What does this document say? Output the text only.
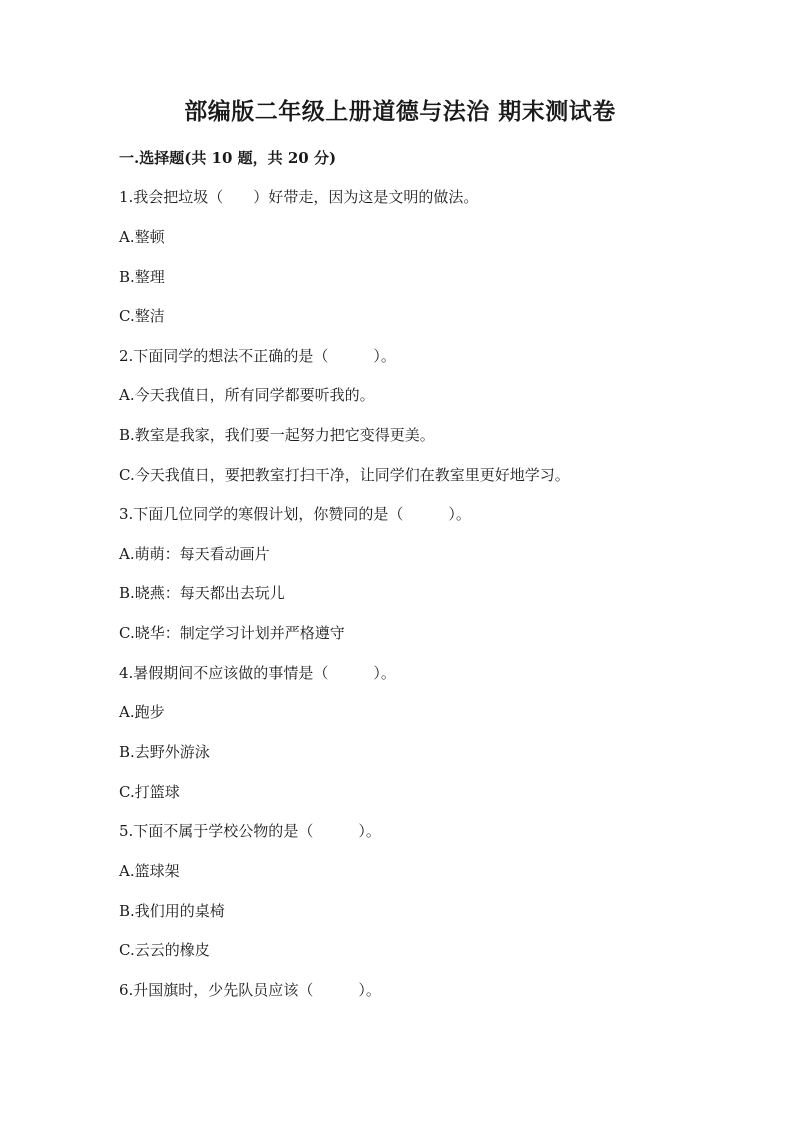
部编版二年级上册道德与法治 期末测试卷
一.选择题(共 10 题，共 20 分)
1.我会把垃圾（　　）好带走，因为这是文明的做法。
A.整顿
B.整理
C.整洁
2.下面同学的想法不正确的是（　　　）。
A.今天我值日，所有同学都要听我的。
B.教室是我家，我们要一起努力把它变得更美。
C.今天我值日，要把教室打扫干净，让同学们在教室里更好地学习。
3.下面几位同学的寒假计划，你赞同的是（　　　）。
A.萌萌：每天看动画片
B.晓燕：每天都出去玩儿
C.晓华：制定学习计划并严格遵守
4.暑假期间不应该做的事情是（　　　）。
A.跑步
B.去野外游泳
C.打篮球
5.下面不属于学校公物的是（　　　）。
A.篮球架
B.我们用的桌椅
C.云云的橡皮
6.升国旗时，少先队员应该（　　　）。
